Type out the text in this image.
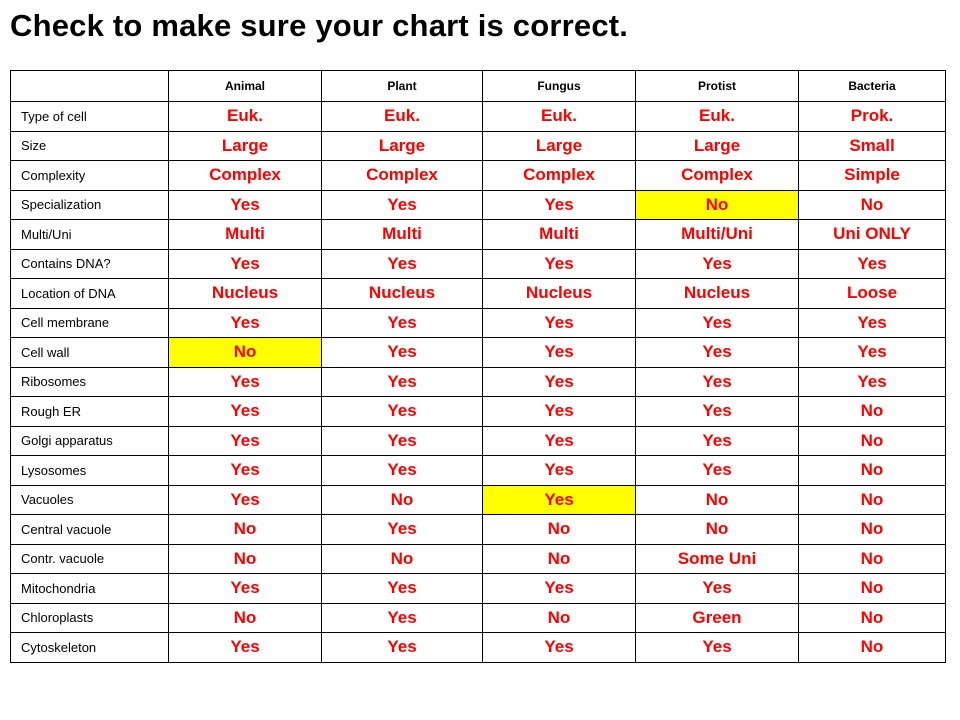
Check to make sure your chart is correct.
	Animal	Plant	Fungus	Protist	Bacteria
Type of cell	Euk.	Euk.	Euk.	Euk.	Prok.
Size	Large	Large	Large	Large	Small
Complexity	Complex	Complex	Complex	Complex	Simple
Specialization	Yes	Yes	Yes	No	No
Multi/Uni	Multi	Multi	Multi	Multi/Uni	Uni ONLY
Contains DNA?	Yes	Yes	Yes	Yes	Yes
Location of DNA	Nucleus	Nucleus	Nucleus	Nucleus	Loose
Cell membrane	Yes	Yes	Yes	Yes	Yes
Cell wall	No	Yes	Yes	Yes	Yes
Ribosomes	Yes	Yes	Yes	Yes	Yes
Rough ER	Yes	Yes	Yes	Yes	No
Golgi apparatus	Yes	Yes	Yes	Yes	No
Lysosomes	Yes	Yes	Yes	Yes	No
Vacuoles	Yes	No	Yes	No	No
Central vacuole	No	Yes	No	No	No
Contr. vacuole	No	No	No	Some Uni	No
Mitochondria	Yes	Yes	Yes	Yes	No
Chloroplasts	No	Yes	No	Green	No
Cytoskeleton	Yes	Yes	Yes	Yes	No
